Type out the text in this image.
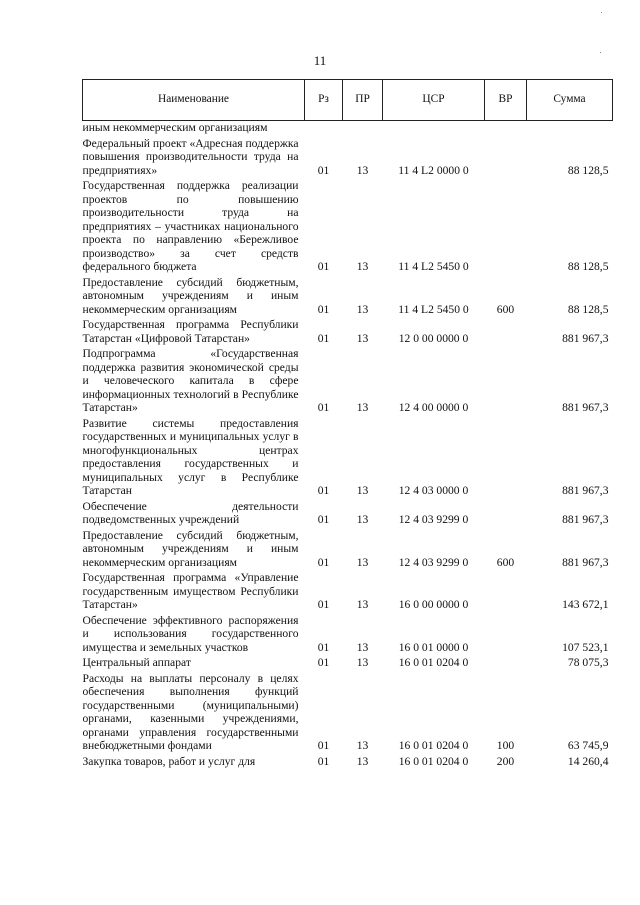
11
Наименование	Рз	ПР	ЦСР	ВР	Сумма
иным некоммерческим организациям					
Федеральный проект «Адресная поддержка повышения производительности труда на предприятиях»	01	13	11 4 L2 0000 0		88 128,5
Государственная поддержка реализации проектов по повышению производительности труда на предприятиях – участниках национального проекта по направлению «Бережливое производство» за счет средств федерального бюджета	01	13	11 4 L2 5450 0		88 128,5
Предоставление субсидий бюджетным, автономным учреждениям и иным некоммерческим организациям	01	13	11 4 L2 5450 0	600	88 128,5
Государственная программа Республики Татарстан «Цифровой Татарстан»	01	13	12 0 00 0000 0		881 967,3
Подпрограмма «Государственная поддержка развития экономической среды и человеческого капитала в сфере информационных технологий в Республике Татарстан»	01	13	12 4 00 0000 0		881 967,3
Развитие системы предоставления государственных и муниципальных услуг в многофункциональных центрах предоставления государственных и муниципальных услуг в Республике Татарстан	01	13	12 4 03 0000 0		881 967,3
Обеспечение деятельности подведомственных учреждений	01	13	12 4 03 9299 0		881 967,3
Предоставление субсидий бюджетным, автономным учреждениям и иным некоммерческим организациям	01	13	12 4 03 9299 0	600	881 967,3
Государственная программа «Управление государственным имуществом Республики Татарстан»	01	13	16 0 00 0000 0		143 672,1
Обеспечение эффективного распоряжения и использования государственного имущества и земельных участков	01	13	16 0 01 0000 0		107 523,1
Центральный аппарат	01	13	16 0 01 0204 0		78 075,3
Расходы на выплаты персоналу в целях обеспечения выполнения функций государственными (муниципальными) органами, казенными учреждениями, органами управления государственными внебюджетными фондами	01	13	16 0 01 0204 0	100	63 745,9
Закупка товаров, работ и услуг для	01	13	16 0 01 0204 0	200	14 260,4
